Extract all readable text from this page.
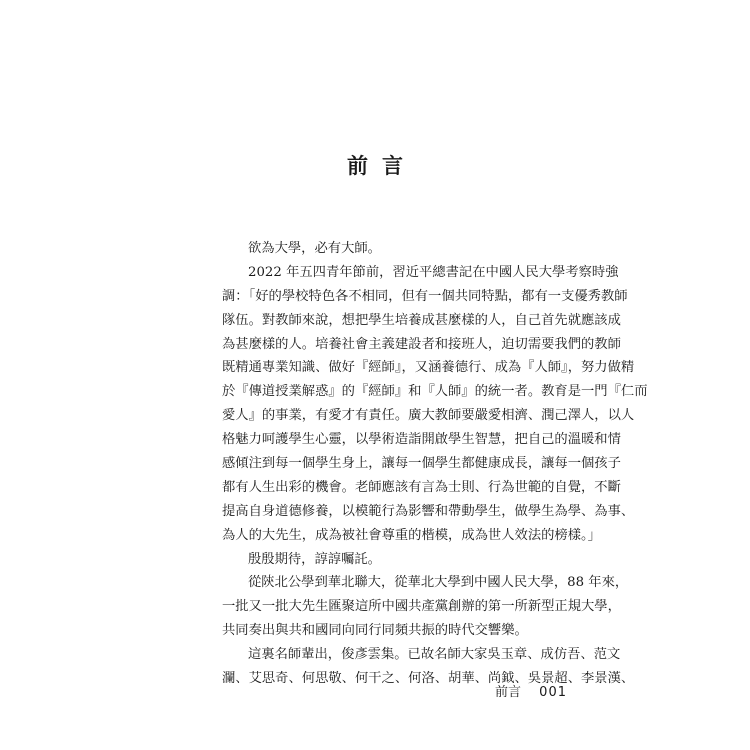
前言
欲為大學，必有大師。
2022 年五四青年節前，習近平總書記在中國人民大學考察時強
調：「好的學校特色各不相同，但有一個共同特點，都有一支優秀教師
隊伍。對教師來說，想把學生培養成甚麼樣的人，自己首先就應該成
為甚麼樣的人。培養社會主義建設者和接班人，迫切需要我們的教師
既精通專業知識、做好『經師』，又涵養德行、成為『人師』，努力做精
於『傳道授業解惑』的『經師』和『人師』的統一者。教育是一門『仁而
愛人』的事業，有愛才有責任。廣大教師要嚴愛相濟、潤己澤人，以人
格魅力呵護學生心靈，以學術造詣開啟學生智慧，把自己的溫暖和情
感傾注到每一個學生身上，讓每一個學生都健康成長，讓每一個孩子
都有人生出彩的機會。老師應該有言為士則、行為世範的自覺，不斷
提高自身道德修養，以模範行為影響和帶動學生，做學生為學、為事、
為人的大先生，成為被社會尊重的楷模，成為世人效法的榜樣。」
殷殷期待，諄諄囑託。
從陝北公學到華北聯大，從華北大學到中國人民大學，88 年來，
一批又一批大先生匯聚這所中國共產黨創辦的第一所新型正規大學，
共同奏出與共和國同向同行同頻共振的時代交響樂。
這裏名師輩出，俊彥雲集。已故名師大家吳玉章、成仿吾、范文
瀾、艾思奇、何思敬、何干之、何洛、胡華、尚鉞、吳景超、李景漢、
前言 001
